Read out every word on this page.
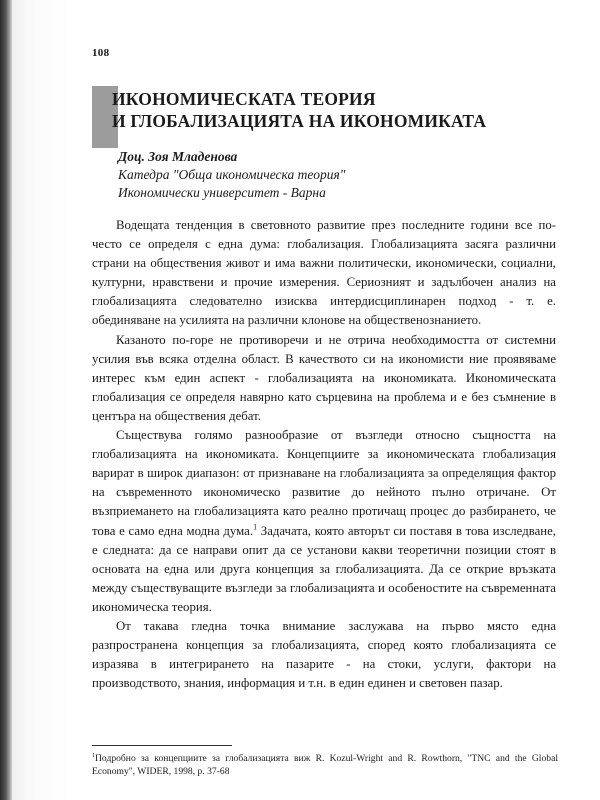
108
ИКОНОМИЧЕСКАТА ТЕОРИЯ
И ГЛОБАЛИЗАЦИЯТА НА ИКОНОМИКАТА
Доц. Зоя Младенова
Катедра "Обща икономическа теория"
Икономически университет - Варна

Водещата тенденция в световното развитие през последните години все по-често се определя с една дума: глобализация. Глобализацията засяга различни страни на обществения живот и има важни политически, икономически, социални, културни, нравствени и прочие измерения. Сериозният и задълбочен анализ на глобализацията следователно изисква интердисциплинарен подход - т. е. обединяване на усилията на различни клонове на общественознанието.

Казаното по-горе не противоречи и не отрича необходимостта от системни усилия във всяка отделна област. В качеството си на икономисти ние проявяваме интерес към един аспект - глобализацията на икономиката. Икономическата глобализация се определя навярно като сърцевина на проблема и е без съмнение в центъра на обществения дебат.

Съществува голямо разнообразие от възгледи относно същността на глобализацията на икономиката. Концепциите за икономическата глобализация варират в широк диапазон: от признаване на глобализацията за определящия фактор на съвременното икономическо развитие до нейното пълно отричане. От възприемането на глобализацията като реално протичащ процес до разбирането, че това е само една модна дума.$^1$ Задачата, която авторът си поставя в това изследване, е следната: да се направи опит да се установи какви теоретични позиции стоят в основата на една или друга концепция за глобализацията. Да се открие връзката между съществуващите възгледи за глобализацията и особеностите на съвременната икономическа теория.

От такава гледна точка внимание заслужава на първо място една разпространена концепция за глобализацията, според която глобализацията се изразява в интегрирането на пазарите - на стоки, услуги, фактори на производството, знания, информация и т.н. в един единен и световен пазар.

$^1$Подробно за концепциите за глобализацията виж R. Kozul-Wright and R. Rowthorn, "TNC and the Global Economy", WIDER, 1998, p. 37-68
